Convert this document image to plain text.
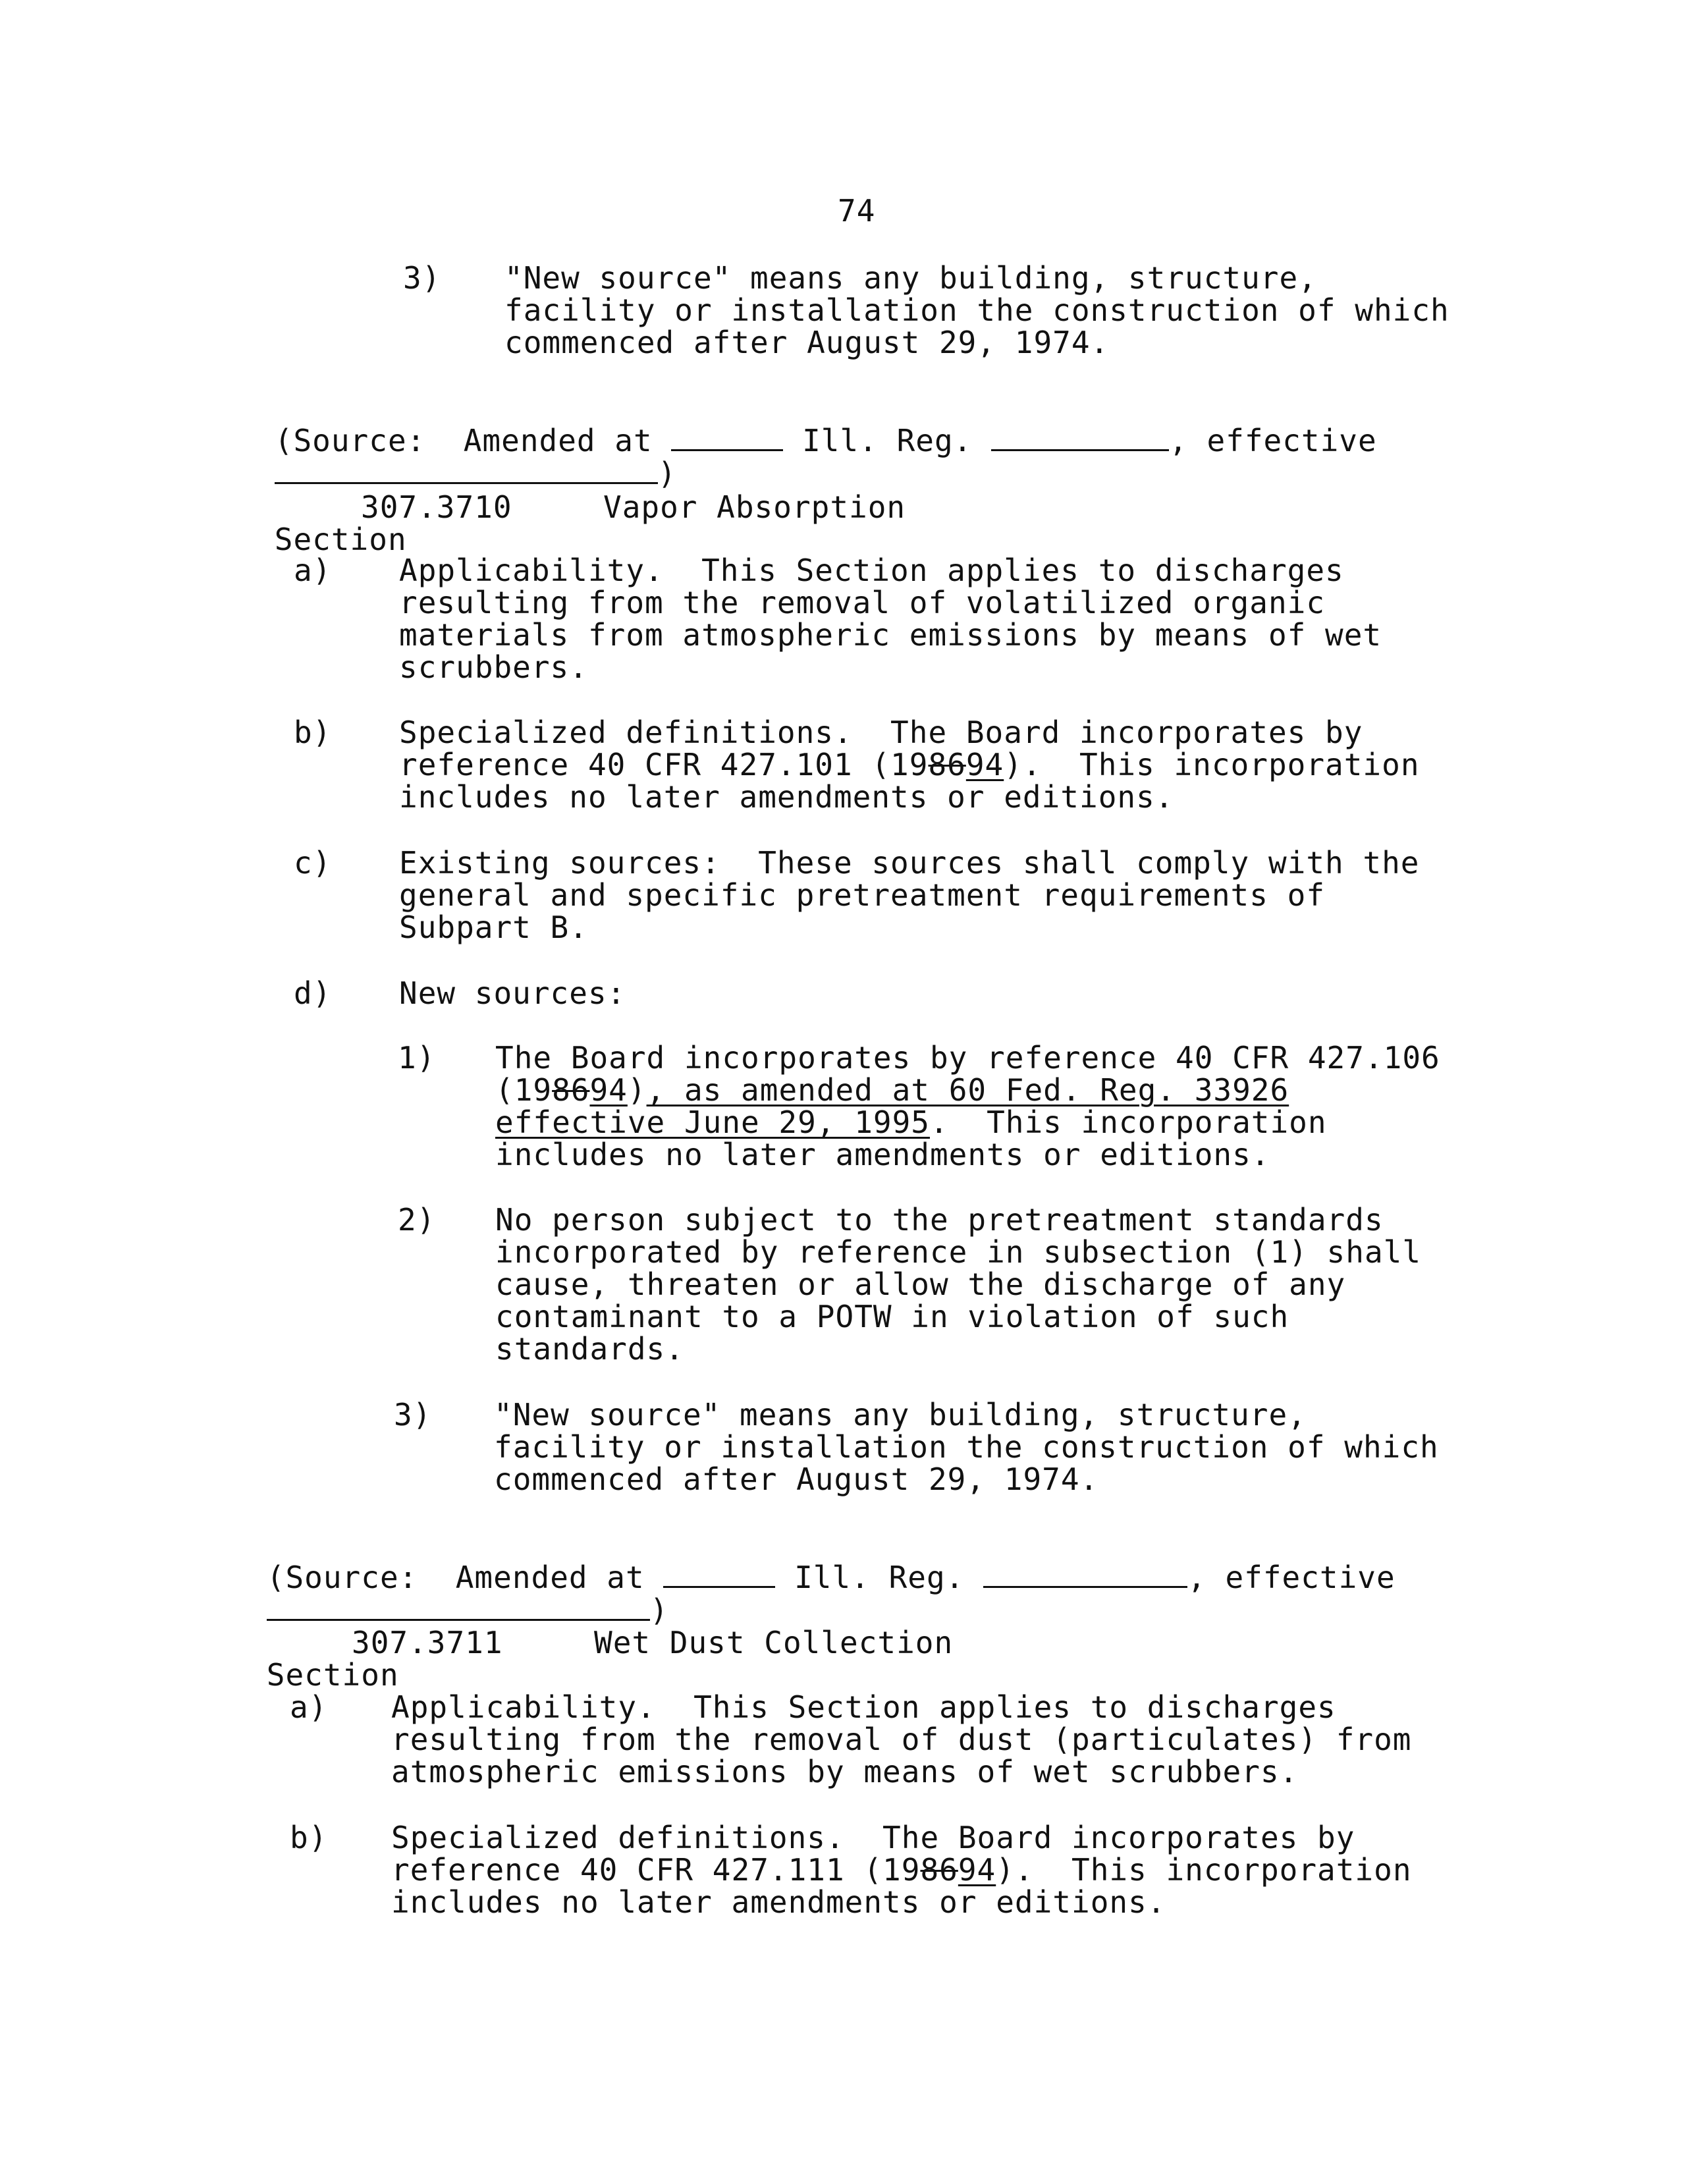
74
3) "New source" means any building, structure,
facility or installation the construction of which
commenced after August 29, 1974.

(Source: Amended at	Ill. Reg.	, effective

)

Section

307.3710	Vapor Absorption
a) Applicability.  This Section applies to discharges
resulting from the removal of volatilized organic
materials from atmospheric emissions by means of wet
scrubbers.
b) Specialized definitions.  The Board incorporates by
reference 40 CFR 427.101 (198694).  This incorporation
includes no later amendments or editions.
c) Existing sources:  These sources shall comply with the
general and specific pretreatment requirements of
Subpart B.
d) New sources:
1) The Board incorporates by reference 40 CFR 427.106
(198694), as amended at 60 Fed. Reg. 33926
effective June 29, 1995.  This incorporation
includes no later amendments or editions.
2) No person subject to the pretreatment standards
incorporated by reference in subsection (1) shall
cause, threaten or allow the discharge of any
contaminant to a POTW in violation of such
standards.
3) "New source" means any building, structure,
facility or installation the construction of which
commenced after August 29, 1974.

(Source: Amended at	Ill. Reg.	, effective

)

Section

307.3711	Wet Dust Collection
a) Applicability.  This Section applies to discharges
resulting from the removal of dust (particulates) from
atmospheric emissions by means of wet scrubbers.
b) Specialized definitions.  The Board incorporates by
reference 40 CFR 427.111 (198694).  This incorporation
includes no later amendments or editions.
